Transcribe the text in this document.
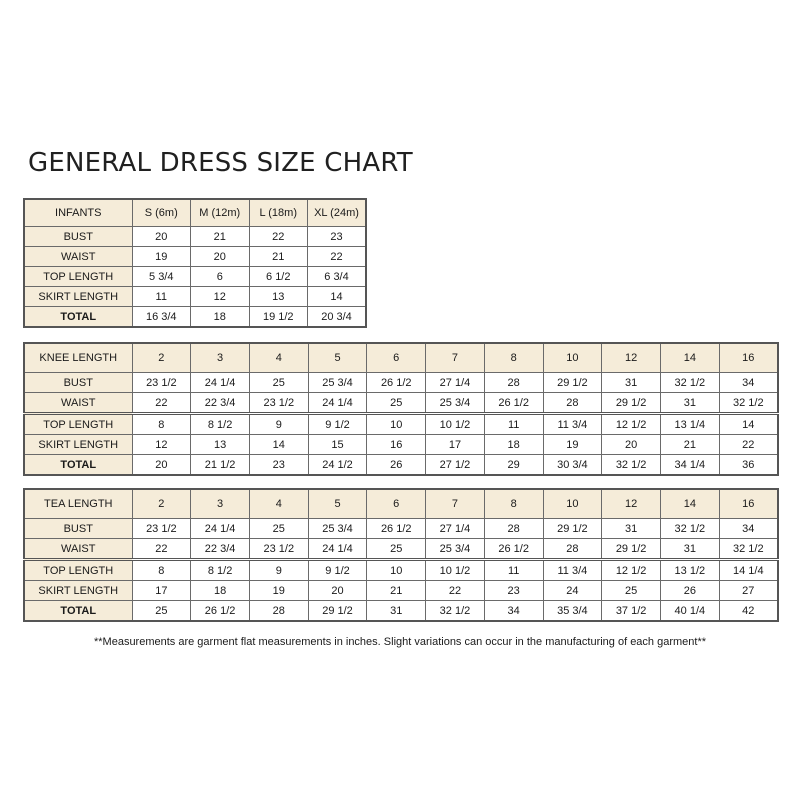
GENERAL DRESS SIZE CHART
INFANTS	S (6m)	M (12m)	L (18m)	XL (24m)
BUST	20	21	22	23
WAIST	19	20	21	22
TOP LENGTH	5 3/4	6	6 1/2	6 3/4
SKIRT LENGTH	11	12	13	14
TOTAL	16 3/4	18	19 1/2	20 3/4
KNEE LENGTH	2	3	4	5	6	7	8	10	12	14	16
BUST	23 1/2	24 1/4	25	25 3/4	26 1/2	27 1/4	28	29 1/2	31	32 1/2	34
WAIST	22	22 3/4	23 1/2	24 1/4	25	25 3/4	26 1/2	28	29 1/2	31	32 1/2
TOP LENGTH	8	8 1/2	9	9 1/2	10	10 1/2	11	11 3/4	12 1/2	13 1/4	14
SKIRT LENGTH	12	13	14	15	16	17	18	19	20	21	22
TOTAL	20	21 1/2	23	24 1/2	26	27 1/2	29	30 3/4	32 1/2	34 1/4	36
TEA LENGTH	2	3	4	5	6	7	8	10	12	14	16
BUST	23 1/2	24 1/4	25	25 3/4	26 1/2	27 1/4	28	29 1/2	31	32 1/2	34
WAIST	22	22 3/4	23 1/2	24 1/4	25	25 3/4	26 1/2	28	29 1/2	31	32 1/2
TOP LENGTH	8	8 1/2	9	9 1/2	10	10 1/2	11	11 3/4	12 1/2	13 1/2	14 1/4
SKIRT LENGTH	17	18	19	20	21	22	23	24	25	26	27
TOTAL	25	26 1/2	28	29 1/2	31	32 1/2	34	35 3/4	37 1/2	40 1/4	42
**Measurements are garment flat measurements in inches. Slight variations can occur in the manufacturing of each garment**
